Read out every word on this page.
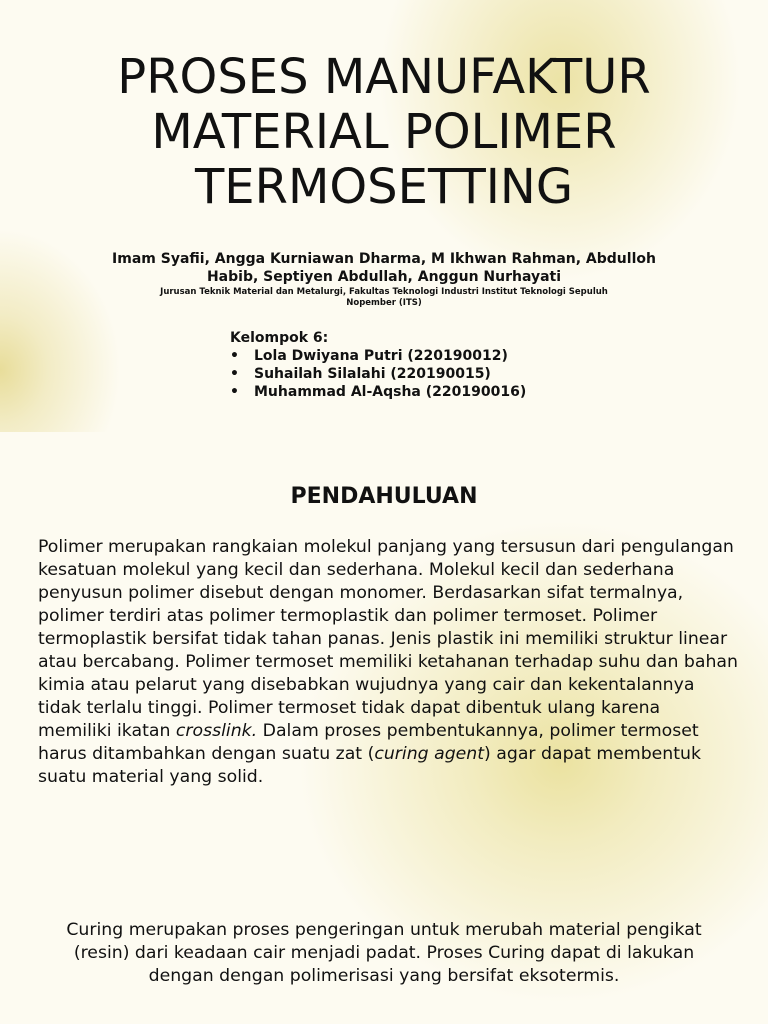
PROSES MANUFAKTUR MATERIAL POLIMER TERMOSETTING

Imam Syafii, Angga Kurniawan Dharma, M Ikhwan Rahman, Abdulloh Habib, Septiyen Abdullah, Anggun Nurhayati

Jurusan Teknik Material dan Metalurgi, Fakultas Teknologi Industri Institut Teknologi Sepuluh Nopember (ITS)

Kelompok 6:
• Lola Dwiyana Putri (220190012)
• Suhailah Silalahi (220190015)
• Muhammad Al-Aqsha (220190016)
PENDAHULUAN

Polimer merupakan rangkaian molekul panjang yang tersusun dari pengulangan kesatuan molekul yang kecil dan sederhana. Molekul kecil dan sederhana penyusun polimer disebut dengan monomer. Berdasarkan sifat termalnya, polimer terdiri atas polimer termoplastik dan polimer termoset. Polimer termoplastik bersifat tidak tahan panas. Jenis plastik ini memiliki struktur linear atau bercabang. Polimer termoset memiliki ketahanan terhadap suhu dan bahan kimia atau pelarut yang disebabkan wujudnya yang cair dan kekentalannya tidak terlalu tinggi. Polimer termoset tidak dapat dibentuk ulang karena memiliki ikatan crosslink. Dalam proses pembentukannya, polimer termoset harus ditambahkan dengan suatu zat (curing agent) agar dapat membentuk suatu material yang solid.

Curing merupakan proses pengeringan untuk merubah material pengikat (resin) dari keadaan cair menjadi padat. Proses Curing dapat di lakukan dengan dengan polimerisasi yang bersifat eksotermis.
